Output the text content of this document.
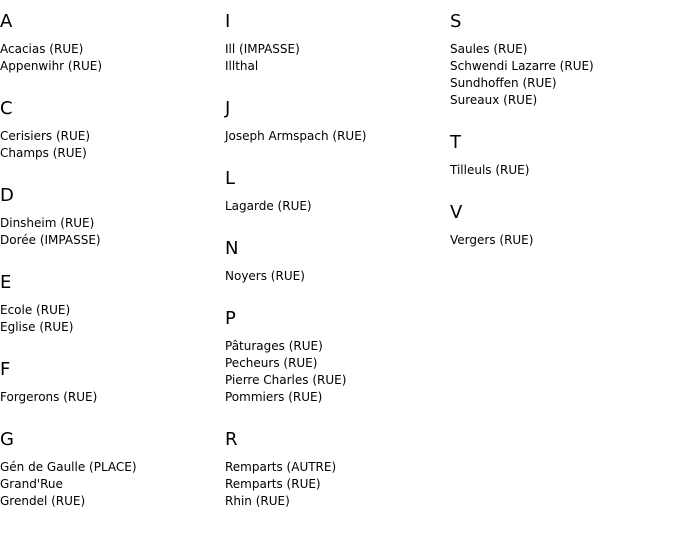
A
Acacias (RUE)
Appenwihr (RUE)
C
Cerisiers (RUE)
Champs (RUE)
D
Dinsheim (RUE)
Dorée (IMPASSE)
E
Ecole (RUE)
Eglise (RUE)
F
Forgerons (RUE)
G
Gén de Gaulle (PLACE)
Grand'Rue
Grendel (RUE)
I
Ill (IMPASSE)
Illthal
J
Joseph Armspach (RUE)
L
Lagarde (RUE)
N
Noyers (RUE)
P
Pâturages (RUE)
Pecheurs (RUE)
Pierre Charles (RUE)
Pommiers (RUE)
R
Remparts (AUTRE)
Remparts (RUE)
Rhin (RUE)
S
Saules (RUE)
Schwendi Lazarre (RUE)
Sundhoffen (RUE)
Sureaux (RUE)
T
Tilleuls (RUE)
V
Vergers (RUE)
